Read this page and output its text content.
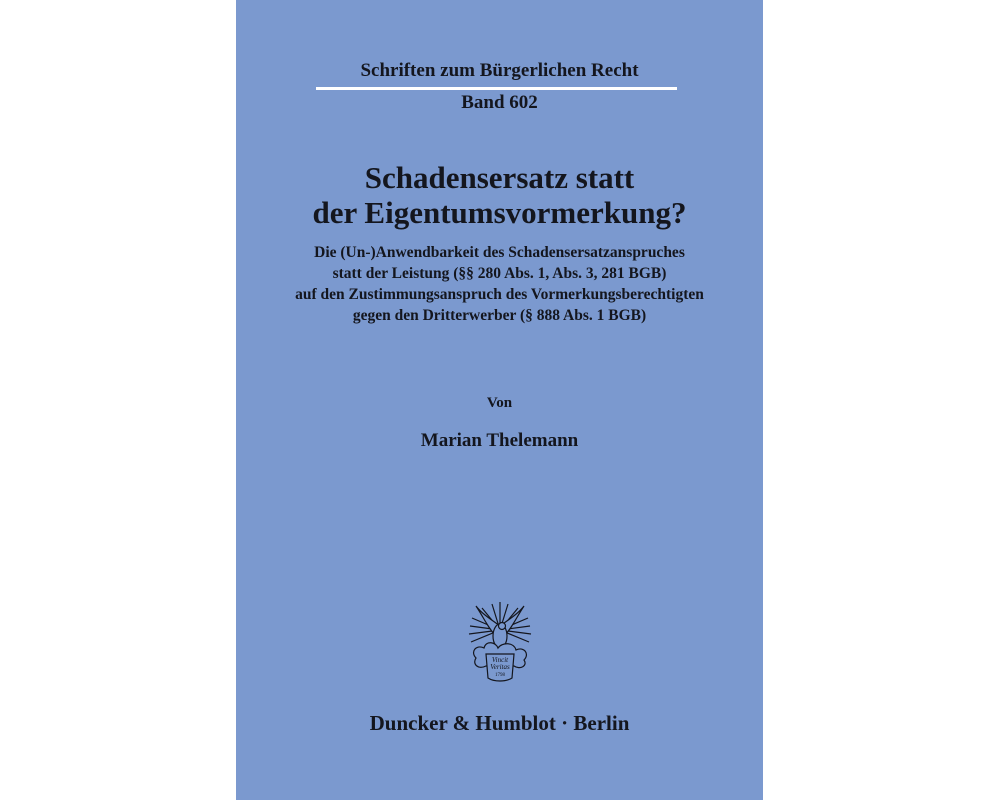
Schriften zum Bürgerlichen Recht
Band 602
Schadensersatz statt
der Eigentumsvormerkung?
Die (Un-)Anwendbarkeit des Schadensersatzanspruches
statt der Leistung (§§ 280 Abs. 1, Abs. 3, 281 BGB)
auf den Zustimmungsanspruch des Vormerkungsberechtigten
gegen den Dritterwerber (§ 888 Abs. 1 BGB)
Von
Marian Thelemann
Vincit
Veritas
1798
Duncker & Humblot · Berlin
